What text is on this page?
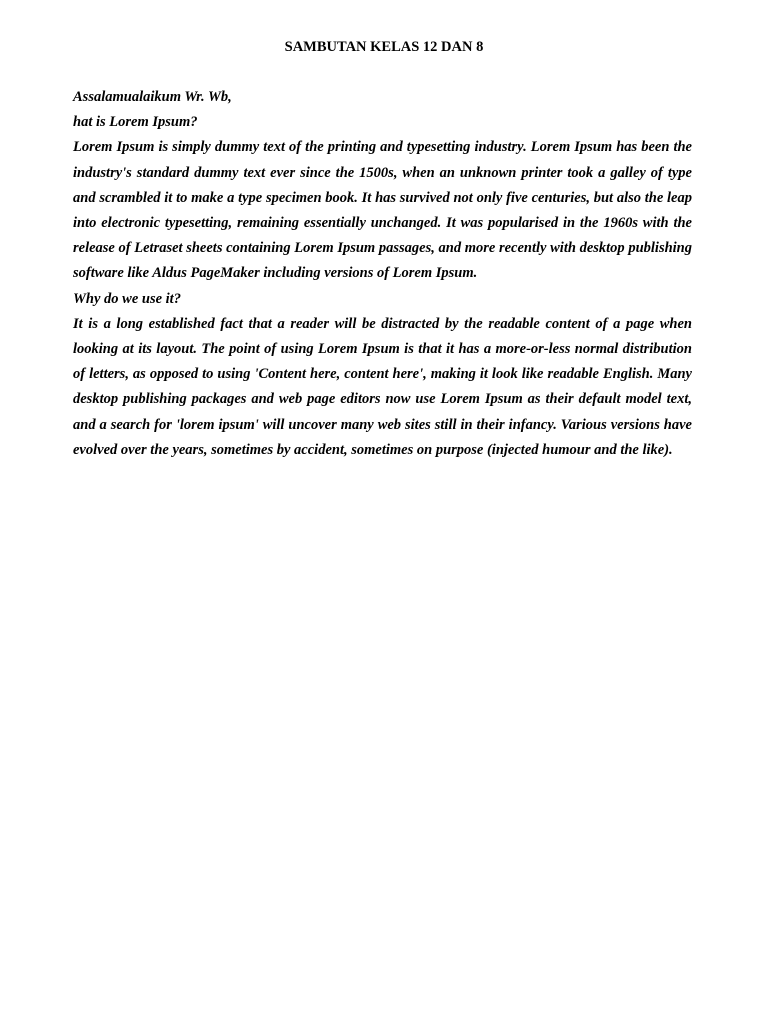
SAMBUTAN KELAS 12 DAN 8

Assalamualaikum Wr. Wb,

hat is Lorem Ipsum?

Lorem Ipsum is simply dummy text of the printing and typesetting industry. Lorem Ipsum has been the industry's standard dummy text ever since the 1500s, when an unknown printer took a galley of type and scrambled it to make a type specimen book. It has survived not only five centuries, but also the leap into electronic typesetting, remaining essentially unchanged. It was popularised in the 1960s with the release of Letraset sheets containing Lorem Ipsum passages, and more recently with desktop publishing software like Aldus PageMaker including versions of Lorem Ipsum.

Why do we use it?

It is a long established fact that a reader will be distracted by the readable content of a page when looking at its layout. The point of using Lorem Ipsum is that it has a more-or-less normal distribution of letters, as opposed to using 'Content here, content here', making it look like readable English. Many desktop publishing packages and web page editors now use Lorem Ipsum as their default model text, and a search for 'lorem ipsum' will uncover many web sites still in their infancy. Various versions have evolved over the years, sometimes by accident, sometimes on purpose (injected humour and the like).
